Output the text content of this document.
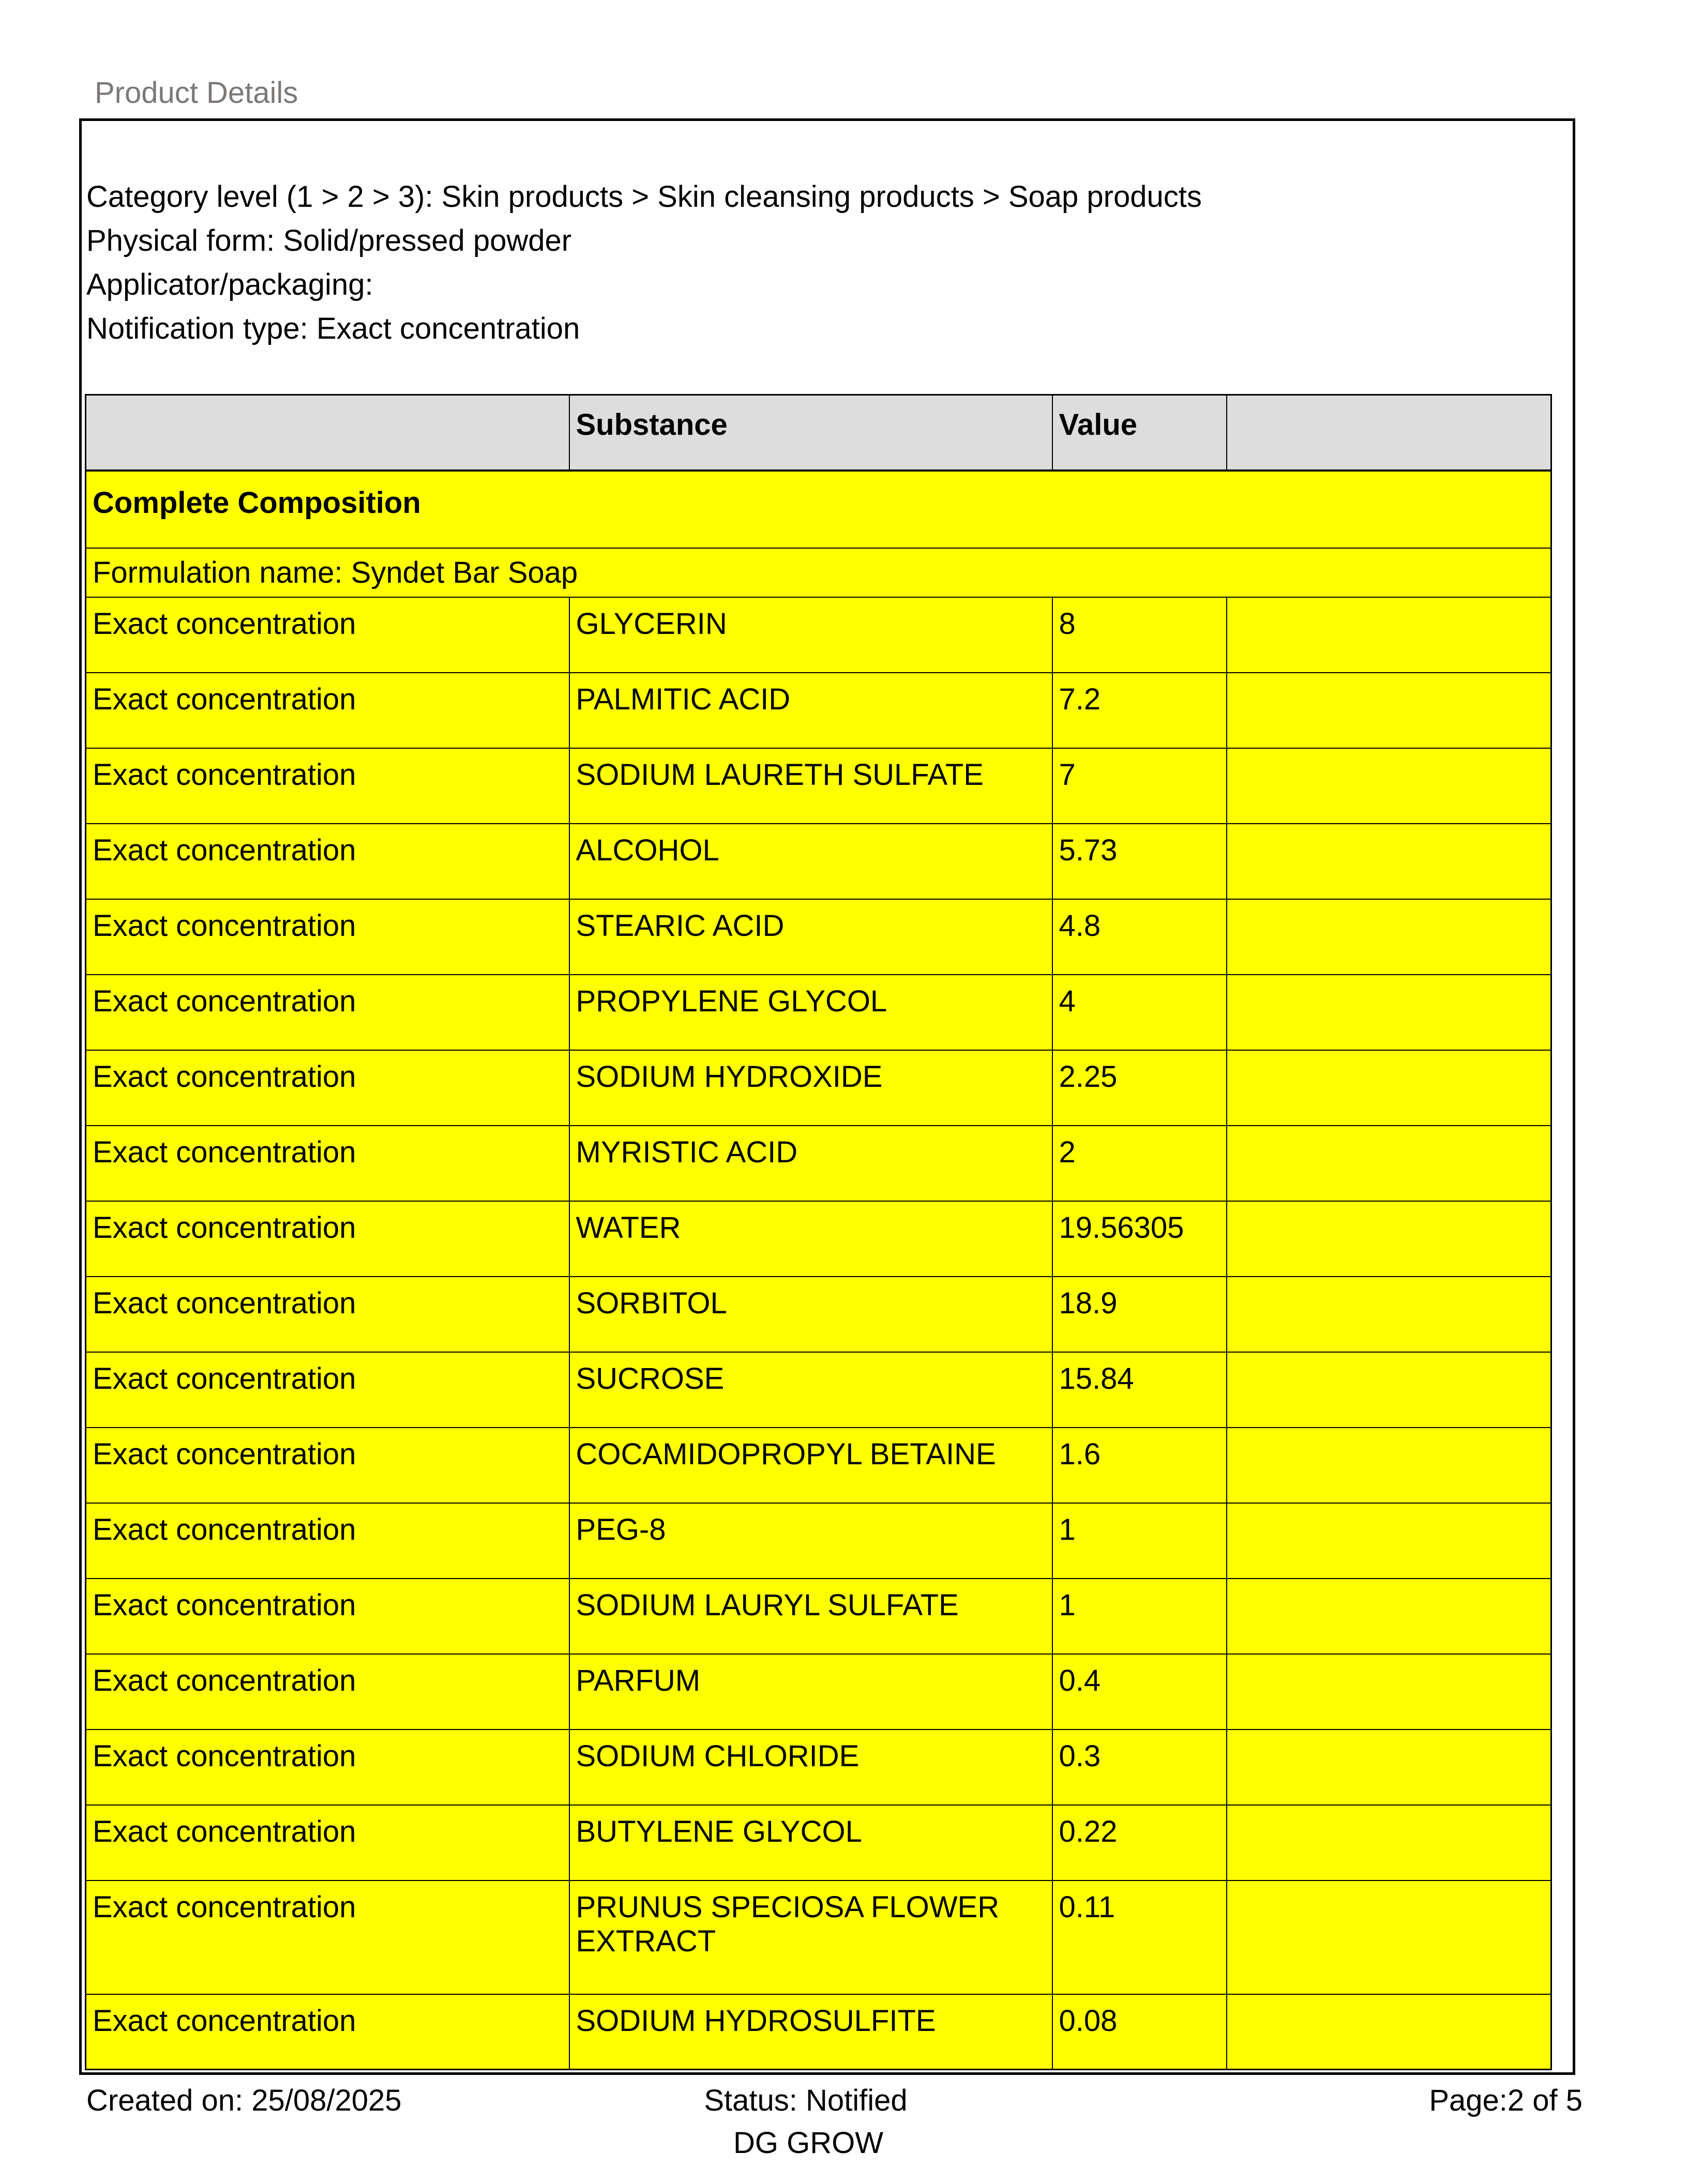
Product Details
Category level (1 > 2 > 3): Skin products > Skin cleansing products > Soap products
Physical form: Solid/pressed powder
Applicator/packaging:
Notification type: Exact concentration
	Substance	Value	
Complete Composition			
Formulation name: Syndet Bar Soap			
Exact concentration	GLYCERIN	8	
Exact concentration	PALMITIC ACID	7.2	
Exact concentration	SODIUM LAURETH SULFATE	7	
Exact concentration	ALCOHOL	5.73	
Exact concentration	STEARIC ACID	4.8	
Exact concentration	PROPYLENE GLYCOL	4	
Exact concentration	SODIUM HYDROXIDE	2.25	
Exact concentration	MYRISTIC ACID	2	
Exact concentration	WATER	19.56305	
Exact concentration	SORBITOL	18.9	
Exact concentration	SUCROSE	15.84	
Exact concentration	COCAMIDOPROPYL BETAINE	1.6	
Exact concentration	PEG-8	1	
Exact concentration	SODIUM LAURYL SULFATE	1	
Exact concentration	PARFUM	0.4	
Exact concentration	SODIUM CHLORIDE	0.3	
Exact concentration	BUTYLENE GLYCOL	0.22	
Exact concentration	PRUNUS SPECIOSA FLOWER EXTRACT	0.11	
Exact concentration	SODIUM HYDROSULFITE	0.08	
Created on: 25/08/2025	Status: Notified	Page:2 of 5
DG GROW
